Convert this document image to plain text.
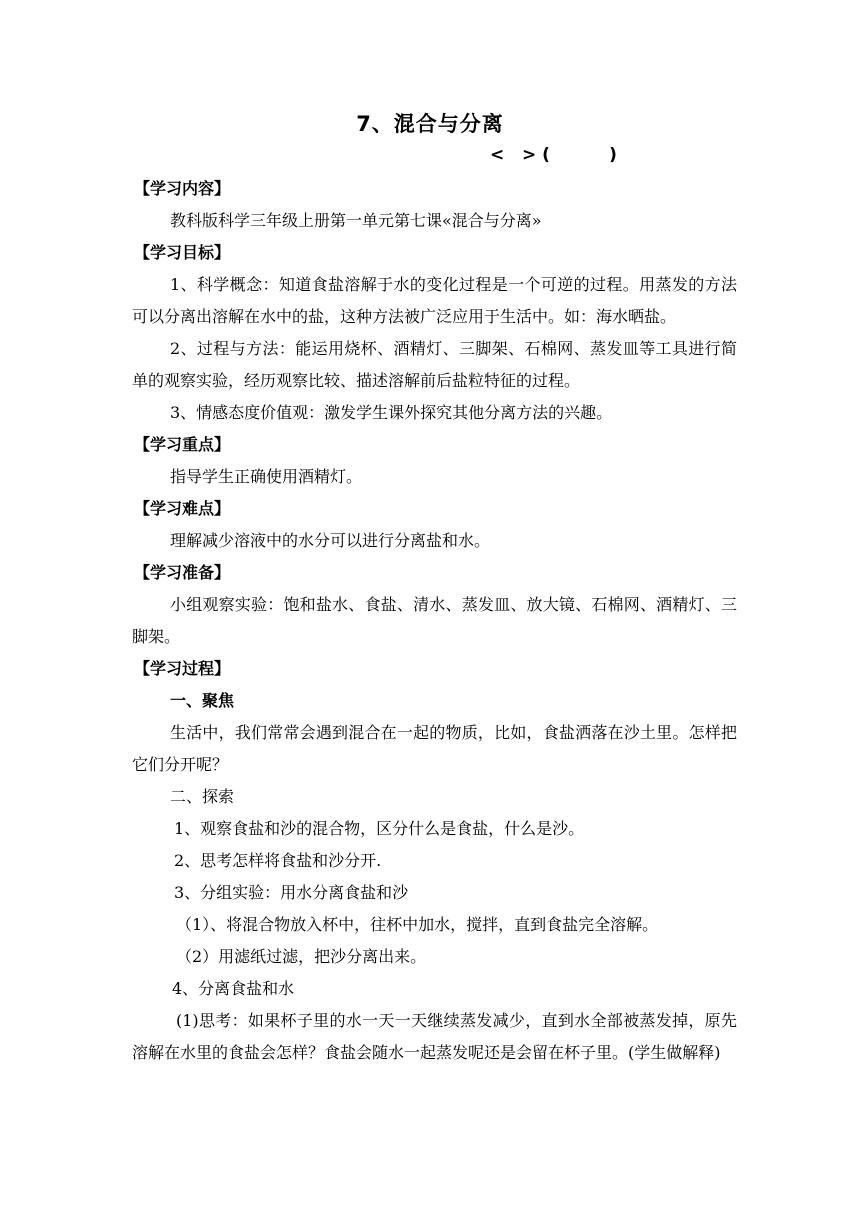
7、混合与分离
<   > (          )
【学习内容】

教科版科学三年级上册第一单元第七课«混合与分离»

【学习目标】

1、科学概念：知道食盐溶解于水的变化过程是一个可逆的过程。用蒸发的方法可以分离出溶解在水中的盐，这种方法被广泛应用于生活中。如：海水晒盐。

2、过程与方法：能运用烧杯、酒精灯、三脚架、石棉网、蒸发皿等工具进行简单的观察实验，经历观察比较、描述溶解前后盐粒特征的过程。

3、情感态度价值观：激发学生课外探究其他分离方法的兴趣。

【学习重点】

指导学生正确使用酒精灯。

【学习难点】

理解减少溶液中的水分可以进行分离盐和水。

【学习准备】

小组观察实验：饱和盐水、食盐、清水、蒸发皿、放大镜、石棉网、酒精灯、三脚架。

【学习过程】

一、聚焦

生活中，我们常常会遇到混合在一起的物质，比如，食盐洒落在沙土里。怎样把它们分开呢？

二、探索

1、观察食盐和沙的混合物，区分什么是食盐，什么是沙。

2、思考怎样将食盐和沙分开.

3、分组实验：用水分离食盐和沙

（1）、将混合物放入杯中，往杯中加水，搅拌，直到食盐完全溶解。

（2）用滤纸过滤，把沙分离出来。

4、分离食盐和水

(1)思考：如果杯子里的水一天一天继续蒸发减少，直到水全部被蒸发掉，原先溶解在水里的食盐会怎样？食盐会随水一起蒸发呢还是会留在杯子里。(学生做解释)
